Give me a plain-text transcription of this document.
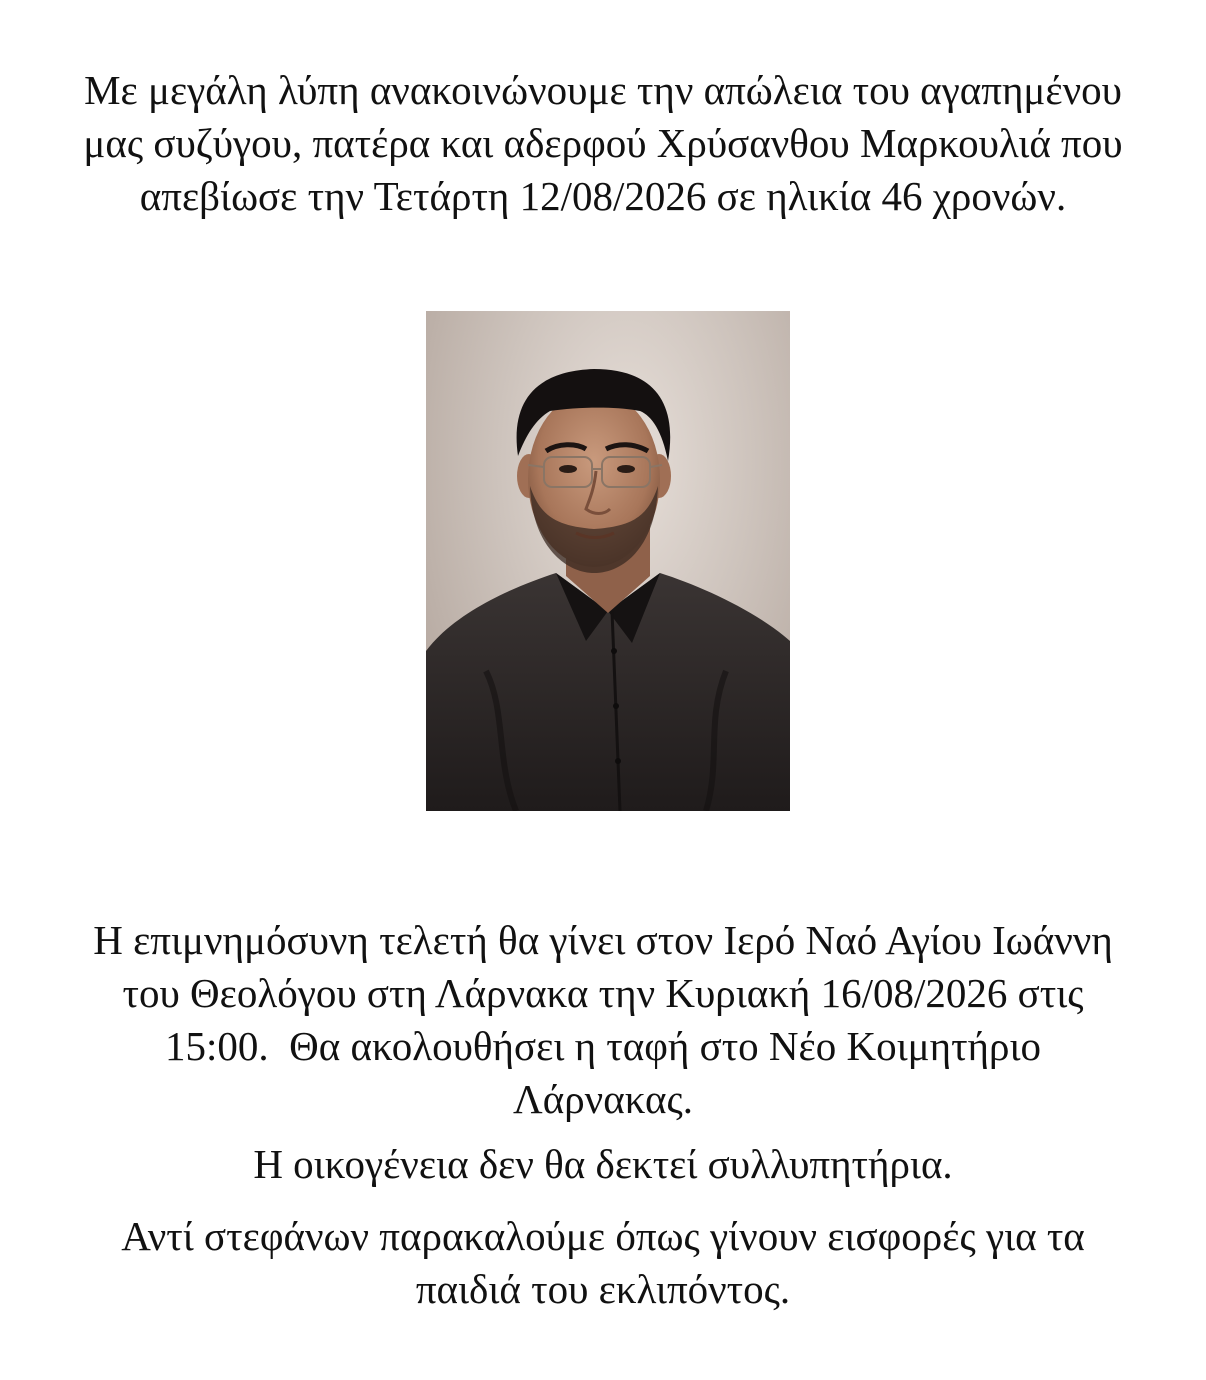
Με μεγάλη λύπη ανακοινώνουμε την απώλεια του αγαπημένου
μας συζύγου, πατέρα και αδερφού Χρύσανθου Μαρκουλιά που
απεβίωσε την Τετάρτη 12/08/2026 σε ηλικία 46 χρονών.

Η επιμνημόσυνη τελετή θα γίνει στον Ιερό Ναό Αγίου Ιωάννη
του Θεολόγου στη Λάρνακα την Κυριακή 16/08/2026 στις
15:00.  Θα ακολουθήσει η ταφή στο Νέο Κοιμητήριο
Λάρνακας.

Η οικογένεια δεν θα δεκτεί συλλυπητήρια.

Αντί στεφάνων παρακαλούμε όπως γίνουν εισφορές για τα
παιδιά του εκλιπόντος.
